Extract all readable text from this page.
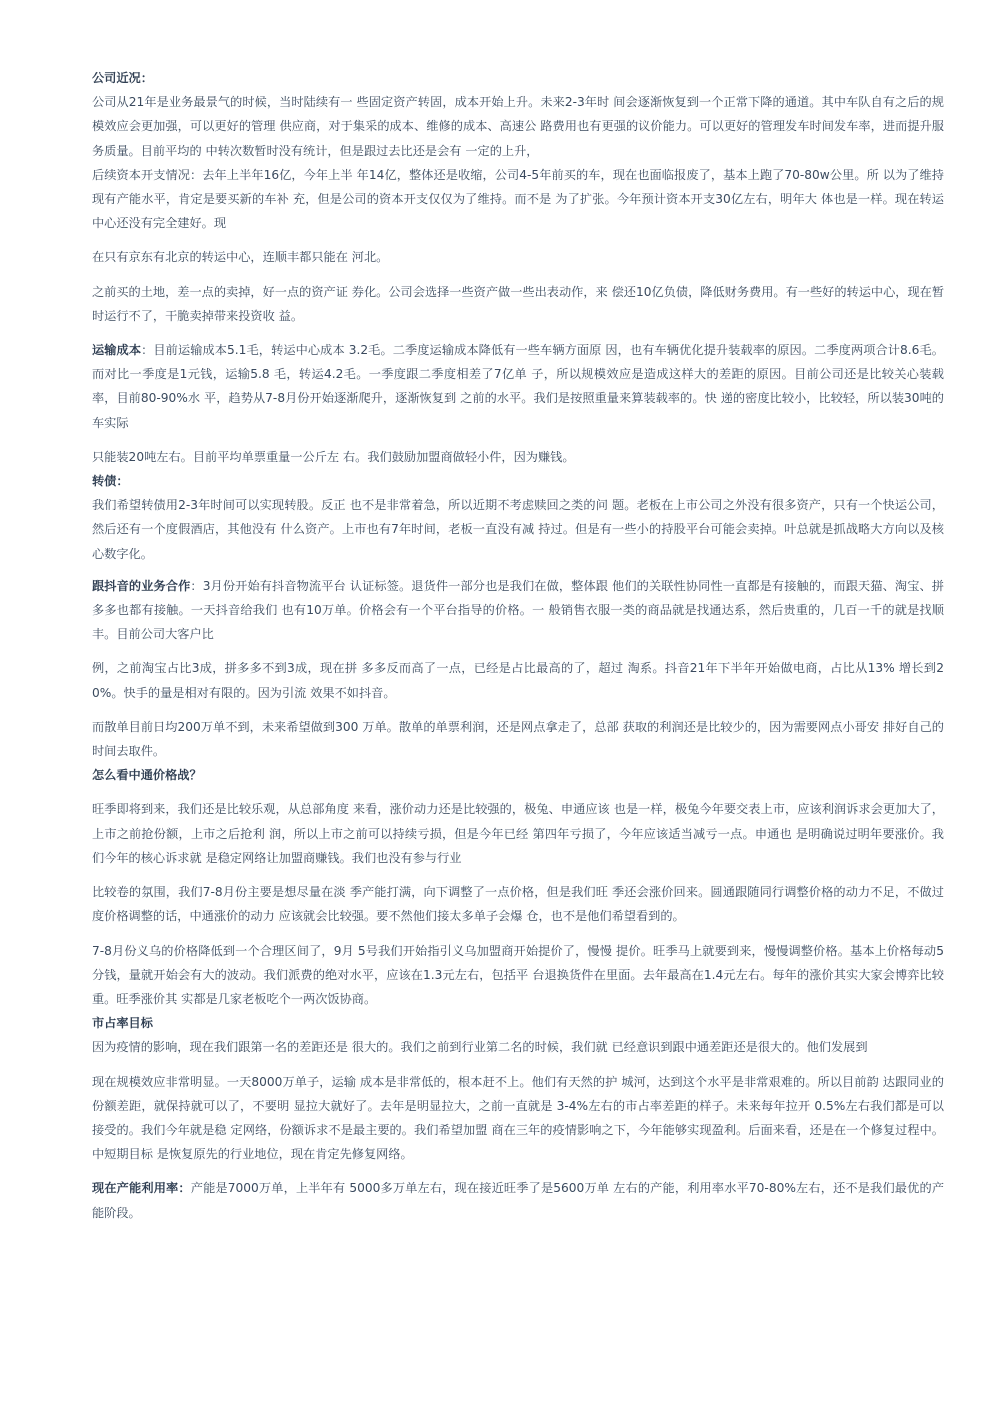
公司近况：

公司从21年是业务最景气的时候，当时陆续有一 些固定资产转固，成本开始上升。未来2-3年时 间会逐渐恢复到一个正常下降的通道。其中车队自有之后的规模效应会更加强，可以更好的管理 供应商，对于集采的成本、维修的成本、高速公 路费用也有更强的议价能力。可以更好的管理发车时间发车率，进而提升服务质量。目前平均的 中转次数暂时没有统计，但是跟过去比还是会有 一定的上升，

后续资本开支情况：去年上半年16亿，今年上半 年14亿，整体还是收缩，公司4-5年前买的车，现在也面临报废了，基本上跑了70-80w公里。所 以为了维持现有产能水平，肯定是要买新的车补 充，但是公司的资本开支仅仅为了维持。而不是 为了扩张。今年预计资本开支30亿左右，明年大 体也是一样。现在转运中心还没有完全建好。现

在只有京东有北京的转运中心，连顺丰都只能在 河北。

之前买的土地，差一点的卖掉，好一点的资产证 券化。公司会选择一些资产做一些出表动作，来 偿还10亿负债，降低财务费用。有一些好的转运中心，现在暂时运行不了，干脆卖掉带来投资收 益。

运输成本：目前运输成本5.1毛，转运中心成本 3.2毛。二季度运输成本降低有一些车辆方面原 因，也有车辆优化提升装载率的原因。二季度两项合计8.6毛。而对比一季度是1元钱，运输5.8 毛，转运4.2毛。一季度跟二季度相差了7亿单 子，所以规模效应是造成这样大的差距的原因。目前公司还是比较关心装载率，目前80-90%水 平，趋势从7-8月份开始逐渐爬升，逐渐恢复到 之前的水平。我们是按照重量来算装载率的。快 递的密度比较小，比较轻，所以装30吨的车实际

只能装20吨左右。目前平均单票重量一公斤左 右。我们鼓励加盟商做轻小件，因为赚钱。

转债：

我们希望转债用2-3年时间可以实现转股。反正 也不是非常着急，所以近期不考虑赎回之类的问 题。老板在上市公司之外没有很多资产，只有一个快运公司，然后还有一个度假酒店，其他没有 什么资产。上市也有7年时间，老板一直没有减 持过。但是有一些小的持股平台可能会卖掉。叶总就是抓战略大方向以及核心数字化。

跟抖音的业务合作：3月份开始有抖音物流平台 认证标签。退货件一部分也是我们在做，整体跟 他们的关联性协同性一直都是有接触的，而跟天猫、淘宝、拼多多也都有接触。一天抖音给我们 也有10万单。价格会有一个平台指导的价格。一 般销售衣服一类的商品就是找通达系，然后贵重的，几百一千的就是找顺丰。目前公司大客户比

例，之前淘宝占比3成，拼多多不到3成，现在拼 多多反而高了一点，已经是占比最高的了，超过 淘系。抖音21年下半年开始做电商，占比从13% 增长到20%。快手的量是相对有限的。因为引流 效果不如抖音。

而散单目前日均200万单不到，未来希望做到300 万单。散单的单票利润，还是网点拿走了，总部 获取的利润还是比较少的，因为需要网点小哥安 排好自己的时间去取件。

怎么看中通价格战？

旺季即将到来，我们还是比较乐观，从总部角度 来看，涨价动力还是比较强的，极兔、申通应该 也是一样，极兔今年要交表上市，应该利润诉求会更加大了，上市之前抢份额，上市之后抢利 润，所以上市之前可以持续亏损，但是今年已经 第四年亏损了，今年应该适当减亏一点。申通也 是明确说过明年要涨价。我们今年的核心诉求就 是稳定网络让加盟商赚钱。我们也没有参与行业

比较卷的氛围，我们7-8月份主要是想尽量在淡 季产能打满，向下调整了一点价格，但是我们旺 季还会涨价回来。圆通跟随同行调整价格的动力不足，不做过度价格调整的话，中通涨价的动力 应该就会比较强。要不然他们接太多单子会爆 仓，也不是他们希望看到的。

7-8月份义乌的价格降低到一个合理区间了，9月 5号我们开始指引义乌加盟商开始提价了，慢慢 提价。旺季马上就要到来，慢慢调整价格。基本上价格每动5分钱，量就开始会有大的波动。我们派费的绝对水平，应该在1.3元左右，包括平 台退换货件在里面。去年最高在1.4元左右。每年的涨价其实大家会博弈比较重。旺季涨价其 实都是几家老板吃个一两次饭协商。

市占率目标

因为疫情的影响，现在我们跟第一名的差距还是 很大的。我们之前到行业第二名的时候，我们就 已经意识到跟中通差距还是很大的。他们发展到

现在规模效应非常明显。一天8000万单子，运输 成本是非常低的，根本赶不上。他们有天然的护 城河，达到这个水平是非常艰难的。所以目前韵 达跟同业的份额差距，就保持就可以了，不要明 显拉大就好了。去年是明显拉大，之前一直就是 3-4%左右的市占率差距的样子。未来每年拉开 0.5%左右我们都是可以接受的。我们今年就是稳 定网络，份额诉求不是最主要的。我们希望加盟 商在三年的疫情影响之下，今年能够实现盈利。后面来看，还是在一个修复过程中。中短期目标 是恢复原先的行业地位，现在肯定先修复网络。

现在产能利用率：产能是7000万单，上半年有 5000多万单左右，现在接近旺季了是5600万单 左右的产能，利用率水平70-80%左右，还不是我们最优的产能阶段。
